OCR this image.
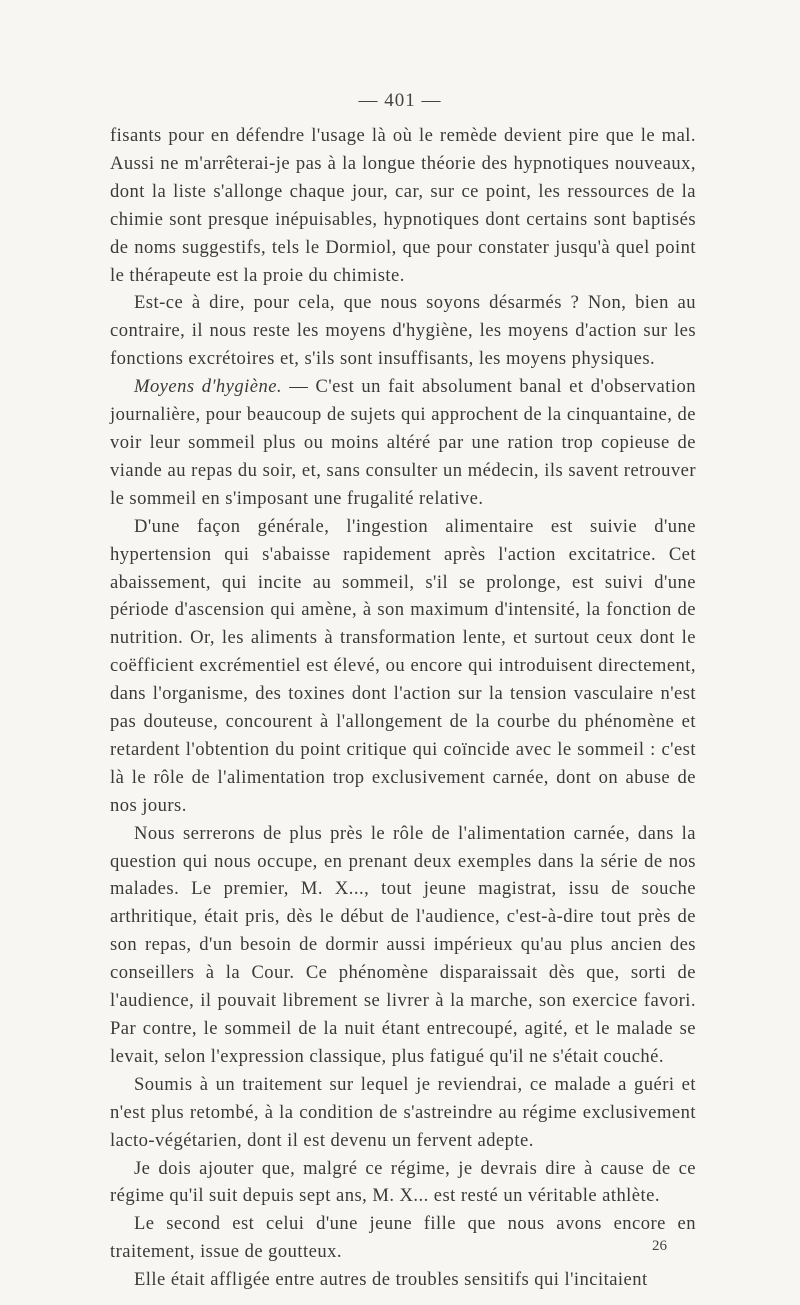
— 401 —

fisants pour en défendre l'usage là où le remède devient pire que le mal. Aussi ne m'arrêterai-je pas à la longue théorie des hypnotiques nouveaux, dont la liste s'allonge chaque jour, car, sur ce point, les ressources de la chimie sont presque inépuisables, hypnotiques dont certains sont baptisés de noms suggestifs, tels le Dormiol, que pour constater jusqu'à quel point le thérapeute est la proie du chimiste.

Est-ce à dire, pour cela, que nous soyons désarmés ? Non, bien au contraire, il nous reste les moyens d'hygiène, les moyens d'action sur les fonctions excrétoires et, s'ils sont insuffisants, les moyens physiques.

Moyens d'hygiène. — C'est un fait absolument banal et d'observation journalière, pour beaucoup de sujets qui approchent de la cinquantaine, de voir leur sommeil plus ou moins altéré par une ration trop copieuse de viande au repas du soir, et, sans consulter un médecin, ils savent retrouver le sommeil en s'imposant une frugalité relative.

D'une façon générale, l'ingestion alimentaire est suivie d'une hypertension qui s'abaisse rapidement après l'action excitatrice. Cet abaissement, qui incite au sommeil, s'il se prolonge, est suivi d'une période d'ascension qui amène, à son maximum d'intensité, la fonction de nutrition. Or, les aliments à transformation lente, et surtout ceux dont le coëfficient excrémentiel est élevé, ou encore qui introduisent directement, dans l'organisme, des toxines dont l'action sur la tension vasculaire n'est pas douteuse, concourent à l'allongement de la courbe du phénomène et retardent l'obtention du point critique qui coïncide avec le sommeil : c'est là le rôle de l'alimentation trop exclusivement carnée, dont on abuse de nos jours.

Nous serrerons de plus près le rôle de l'alimentation carnée, dans la question qui nous occupe, en prenant deux exemples dans la série de nos malades. Le premier, M. X..., tout jeune magistrat, issu de souche arthritique, était pris, dès le début de l'audience, c'est-à-dire tout près de son repas, d'un besoin de dormir aussi impérieux qu'au plus ancien des conseillers à la Cour. Ce phénomène disparaissait dès que, sorti de l'audience, il pouvait librement se livrer à la marche, son exercice favori. Par contre, le sommeil de la nuit étant entrecoupé, agité, et le malade se levait, selon l'expression classique, plus fatigué qu'il ne s'était couché.

Soumis à un traitement sur lequel je reviendrai, ce malade a guéri et n'est plus retombé, à la condition de s'astreindre au régime exclusivement lacto-végétarien, dont il est devenu un fervent adepte.

Je dois ajouter que, malgré ce régime, je devrais dire à cause de ce régime qu'il suit depuis sept ans, M. X... est resté un véritable athlète.

Le second est celui d'une jeune fille que nous avons encore en traitement, issue de goutteux.

Elle était affligée entre autres de troubles sensitifs qui l'incitaient

26
